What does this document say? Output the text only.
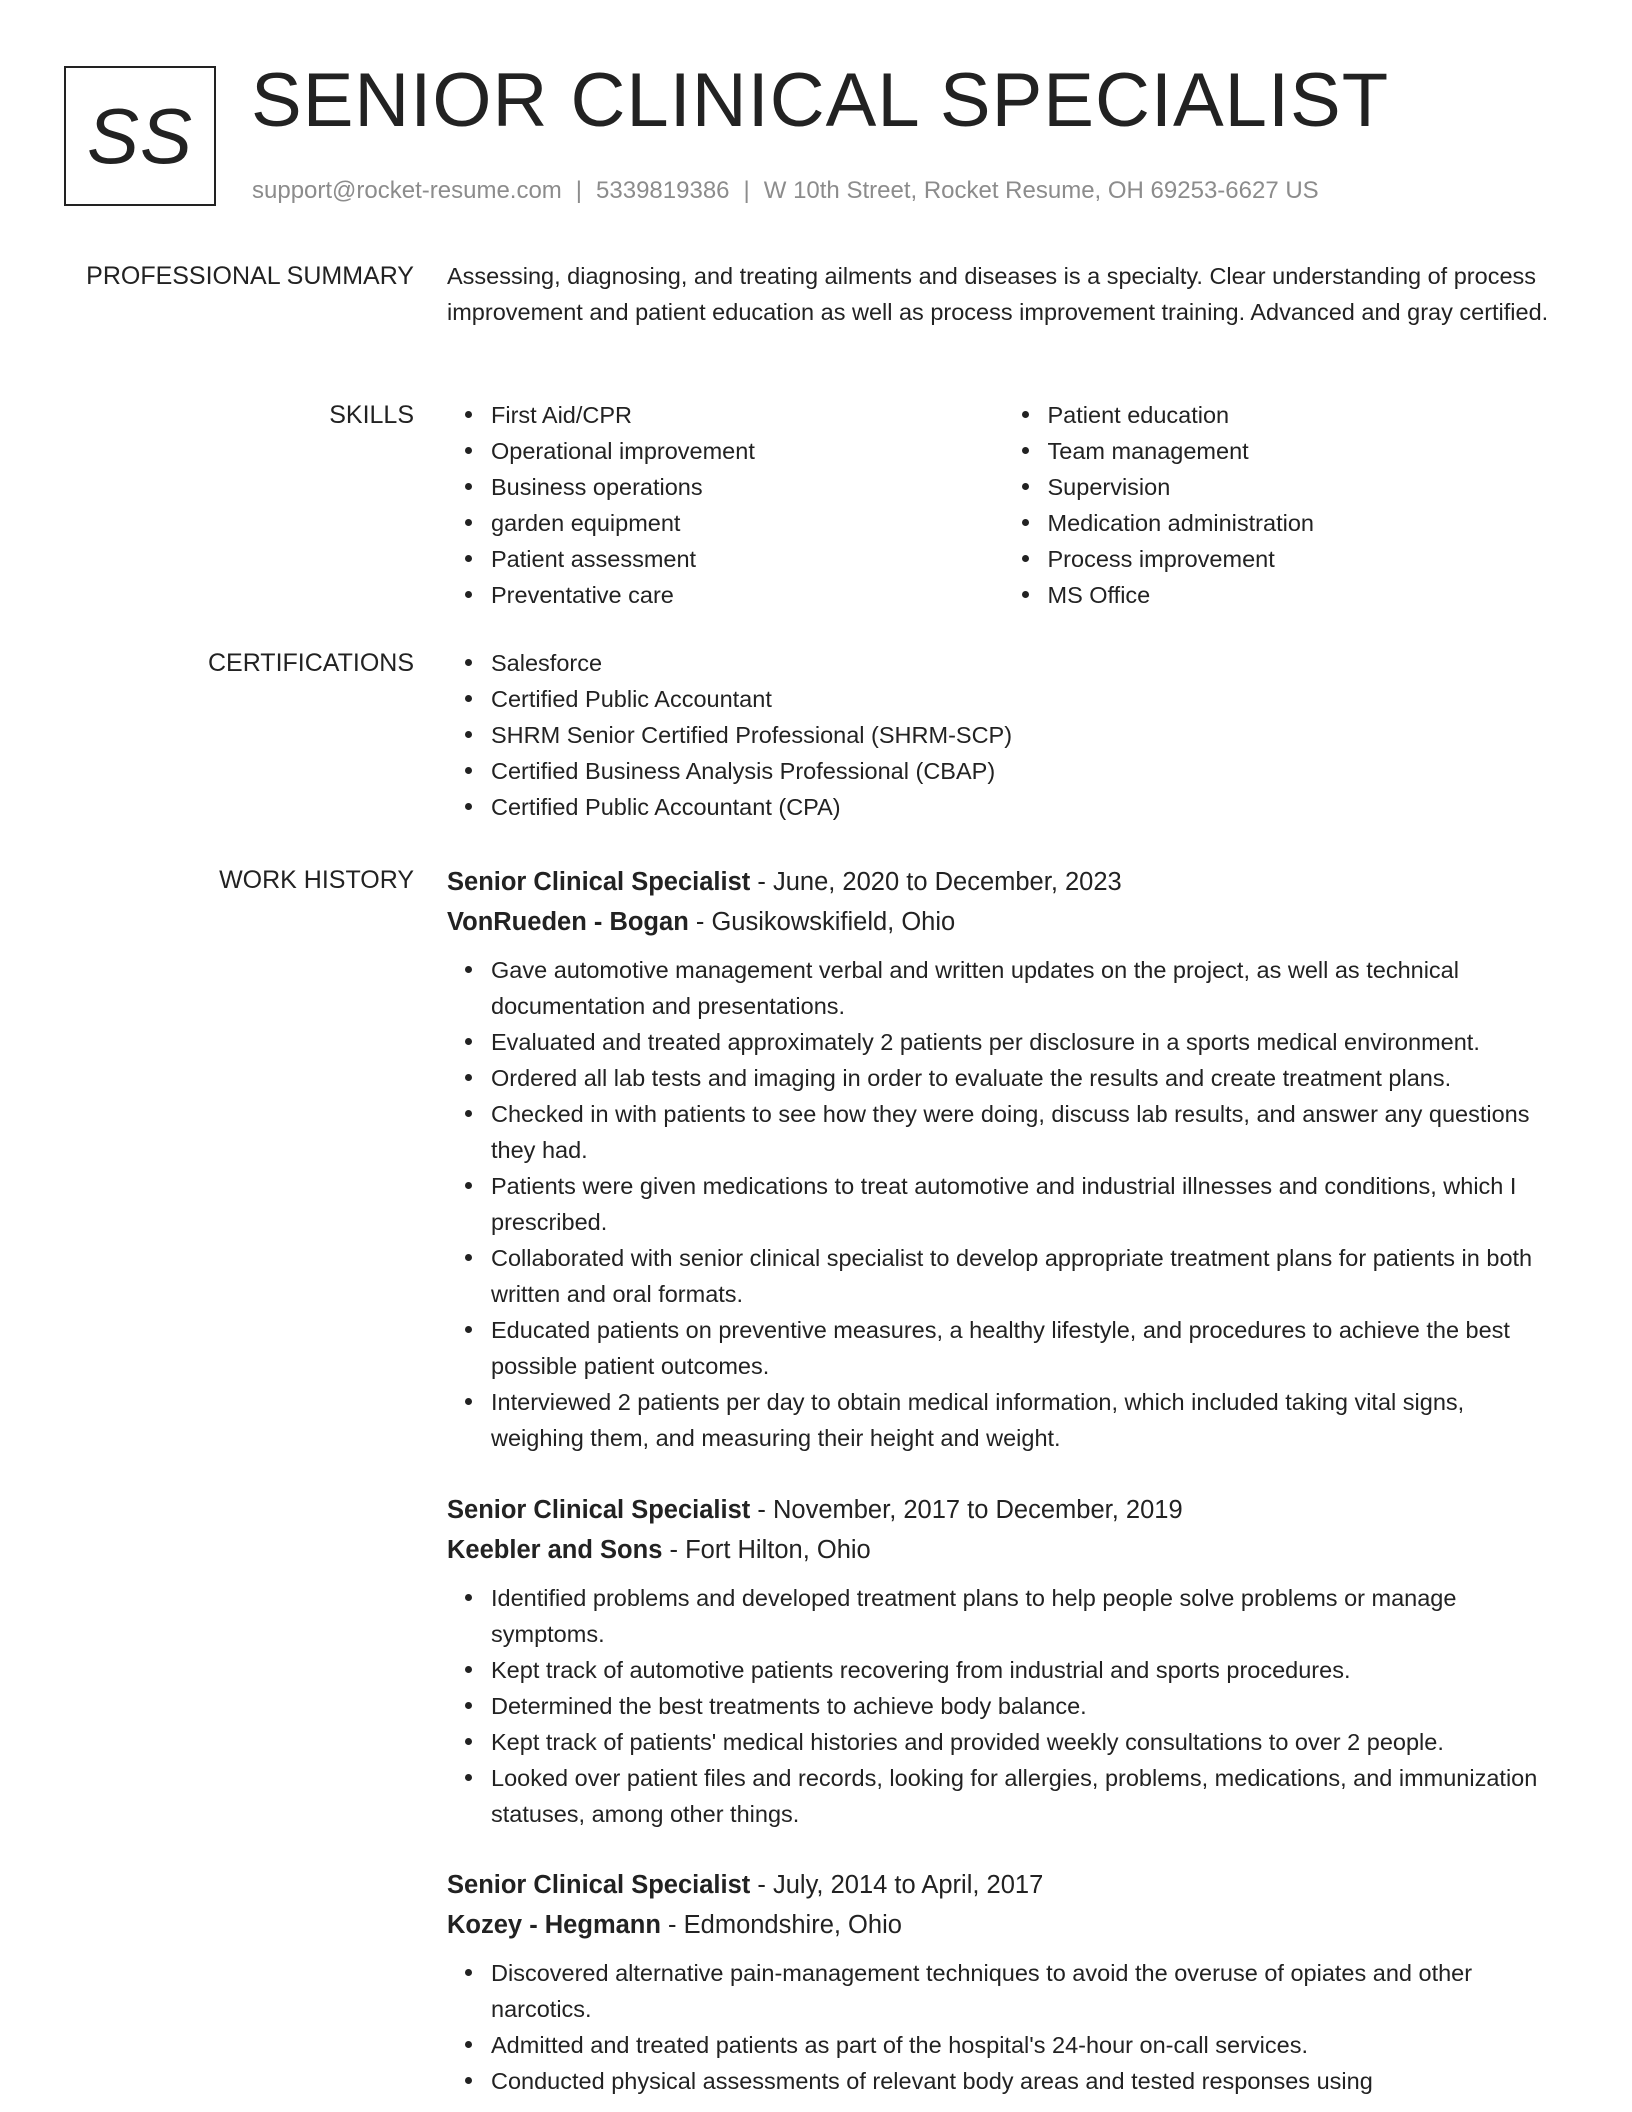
SS SENIOR CLINICAL SPECIALIST
support@rocket-resume.com | 5339819386 | W 10th Street, Rocket Resume, OH 69253-6627 US
PROFESSIONAL SUMMARY Assessing, diagnosing, and treating ailments and diseases is a specialty. Clear understanding of process improvement and patient education as well as process improvement training. Advanced and gray certified.

SKILLS	First Aid/CPR
Operational improvement
Business operations
garden equipment
Patient assessment
Preventative care
Patient education
Team management
Supervision
Medication administration
Process improvement
MS Office
CERTIFICATIONS	Salesforce
Certified Public Accountant
SHRM Senior Certified Professional (SHRM-SCP)
Certified Business Analysis Professional (CBAP)
Certified Public Accountant (CPA)
WORK HISTORY Senior Clinical Specialist - June, 2020 to December, 2023
VonRueden - Bogan - Gusikowskifield, Ohio
Gave automotive management verbal and written updates on the project, as well as technical documentation and presentations.
Evaluated and treated approximately 2 patients per disclosure in a sports medical environment.
Ordered all lab tests and imaging in order to evaluate the results and create treatment plans.
Checked in with patients to see how they were doing, discuss lab results, and answer any questions they had.
Patients were given medications to treat automotive and industrial illnesses and conditions, which I prescribed.
Collaborated with senior clinical specialist to develop appropriate treatment plans for patients in both written and oral formats.
Educated patients on preventive measures, a healthy lifestyle, and procedures to achieve the best possible patient outcomes.
Interviewed 2 patients per day to obtain medical information, which included taking vital signs, weighing them, and measuring their height and weight.
Senior Clinical Specialist - November, 2017 to December, 2019
Keebler and Sons - Fort Hilton, Ohio
Identified problems and developed treatment plans to help people solve problems or manage symptoms.
Kept track of automotive patients recovering from industrial and sports procedures.
Determined the best treatments to achieve body balance.
Kept track of patients' medical histories and provided weekly consultations to over 2 people.
Looked over patient files and records, looking for allergies, problems, medications, and immunization statuses, among other things.
Senior Clinical Specialist - July, 2014 to April, 2017
Kozey - Hegmann - Edmondshire, Ohio
Discovered alternative pain-management techniques to avoid the overuse of opiates and other narcotics.
Admitted and treated patients as part of the hospital's 24-hour on-call services.
Conducted physical assessments of relevant body areas and tested responses using
